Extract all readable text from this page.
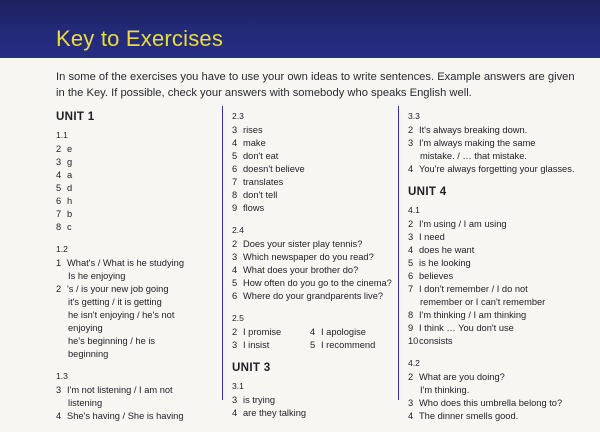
Key to Exercises
In some of the exercises you have to use your own ideas to write sentences. Example answers are given in the Key. If possible, check your answers with somebody who speaks English well.
UNIT 1
1.1
2 e
3 g
4 a
5 d
6 h
7 b
8 c
1.2
1 What's / What is he studying
Is he enjoying
2 's / is your new job going
it's getting / it is getting
he isn't enjoying / he's not
enjoying
he's beginning / he is
beginning
1.3
3 I'm not listening / I am not
listening
4 She's having / She is having
2.3
3 rises
4 make
5 don't eat
6 doesn't believe
7 translates
8 don't tell
9 flows
2.4
2 Does your sister play tennis?
3 Which newspaper do you read?
4 What does your brother do?
5 How often do you go to the cinema?
6 Where do your grandparents live?
2.5
2 I promise	4 I apologise
3 I insist	5 I recommend
UNIT 3
3.1
3 is trying
4 are they talking
3.3
2 It's always breaking down.
3 I'm always making the same
mistake. / … that mistake.
4 You're always forgetting your glasses.
UNIT 4
4.1
2 I'm using / I am using
3 I need
4 does he want
5 is he looking
6 believes
7 I don't remember / I do not
remember or I can't remember
8 I'm thinking / I am thinking
9 I think … You don't use
10consists
4.2
2 What are you doing?
I'm thinking.
3 Who does this umbrella belong to?
4 The dinner smells good.
